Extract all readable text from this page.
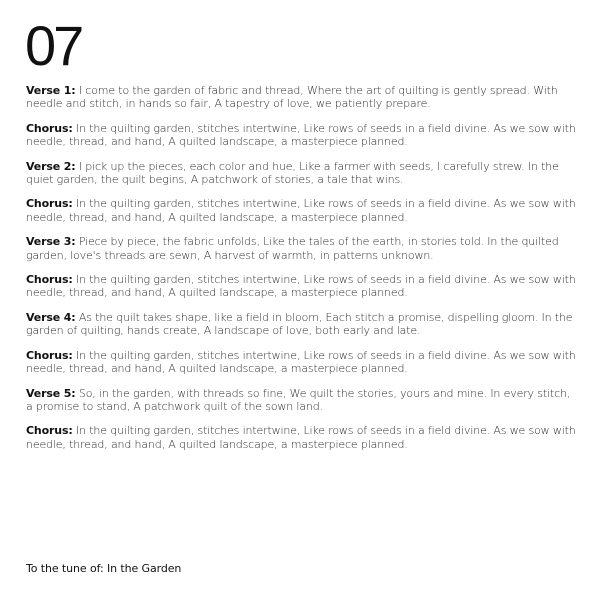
07

Verse 1: I come to the garden of fabric and thread, Where the art of quilting is gently spread. With needle and stitch, in hands so fair, A tapestry of love, we patiently prepare.

Chorus: In the quilting garden, stitches intertwine, Like rows of seeds in a field divine. As we sow with needle, thread, and hand, A quilted landscape, a masterpiece planned.

Verse 2: I pick up the pieces, each color and hue, Like a farmer with seeds, I carefully strew. In the quiet garden, the quilt begins, A patchwork of stories, a tale that wins.

Chorus: In the quilting garden, stitches intertwine, Like rows of seeds in a field divine. As we sow with needle, thread, and hand, A quilted landscape, a masterpiece planned.

Verse 3: Piece by piece, the fabric unfolds, Like the tales of the earth, in stories told. In the quilted garden, love's threads are sewn, A harvest of warmth, in patterns unknown.

Chorus: In the quilting garden, stitches intertwine, Like rows of seeds in a field divine. As we sow with needle, thread, and hand, A quilted landscape, a masterpiece planned.

Verse 4: As the quilt takes shape, like a field in bloom, Each stitch a promise, dispelling gloom. In the garden of quilting, hands create, A landscape of love, both early and late.

Chorus: In the quilting garden, stitches intertwine, Like rows of seeds in a field divine. As we sow with needle, thread, and hand, A quilted landscape, a masterpiece planned.

Verse 5: So, in the garden, with threads so fine, We quilt the stories, yours and mine. In every stitch, a promise to stand, A patchwork quilt of the sown land.

Chorus: In the quilting garden, stitches intertwine, Like rows of seeds in a field divine. As we sow with needle, thread, and hand, A quilted landscape, a masterpiece planned.

To the tune of: In the Garden
